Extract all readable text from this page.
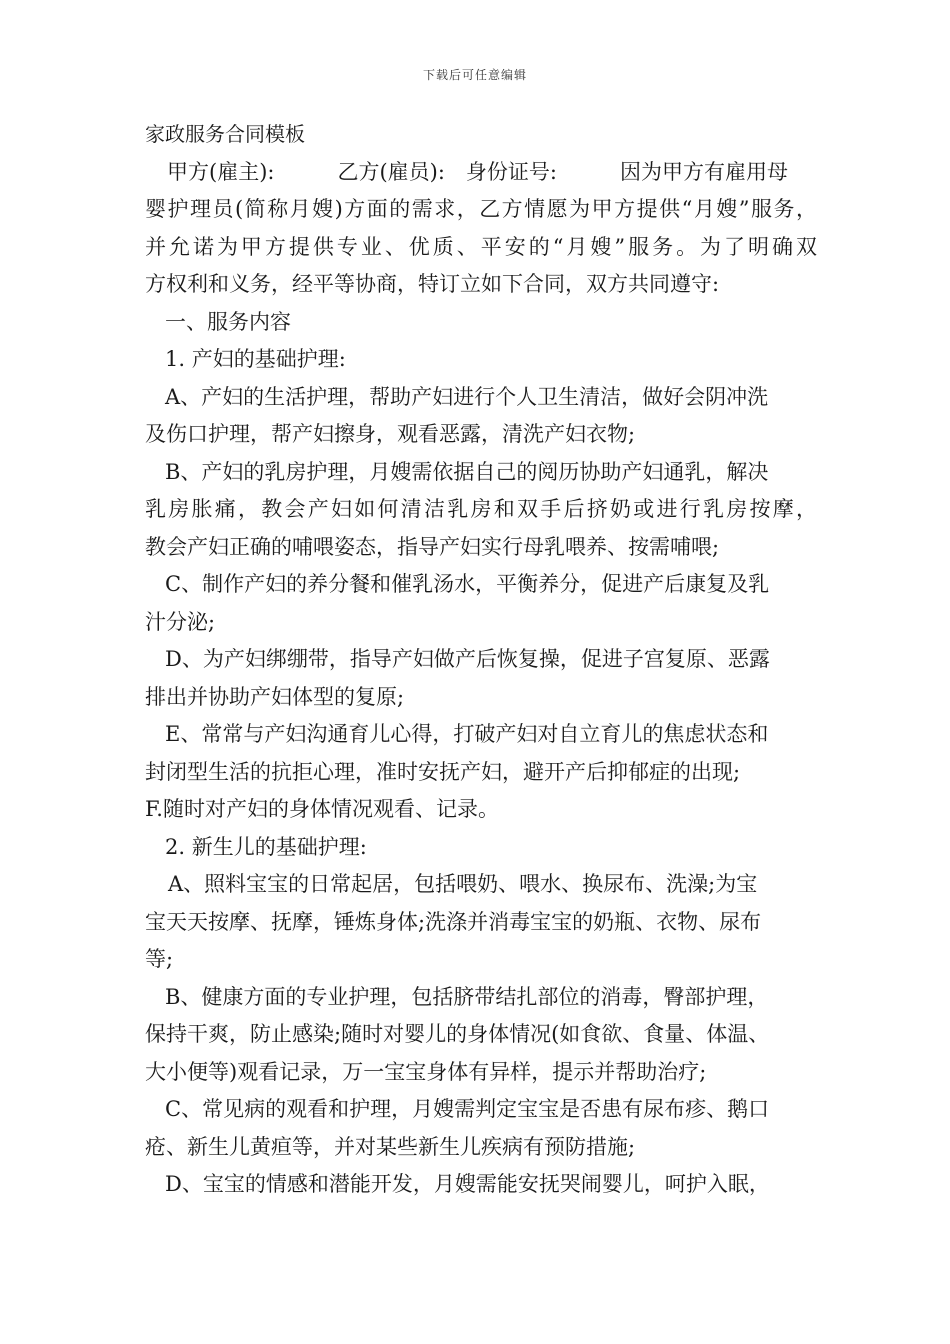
下载后可任意编辑
家政服务合同模板
甲方(雇主):　　　乙方(雇员):　身份证号:　　　因为甲方有雇用母
婴护理员(简称月嫂)方面的需求，乙方情愿为甲方提供“月嫂”服务，
并允诺为甲方提供专业、优质、平安的“月嫂”服务。为了明确双
方权利和义务，经平等协商，特订立如下合同，双方共同遵守:
一、服务内容
1. 产妇的基础护理:
A、产妇的生活护理，帮助产妇进行个人卫生清洁，做好会阴冲洗
及伤口护理，帮产妇擦身，观看恶露，清洗产妇衣物;
B、产妇的乳房护理，月嫂需依据自己的阅历协助产妇通乳，解决
乳房胀痛，教会产妇如何清洁乳房和双手后挤奶或进行乳房按摩，
教会产妇正确的哺喂姿态，指导产妇实行母乳喂养、按需哺喂;
C、制作产妇的养分餐和催乳汤水，平衡养分，促进产后康复及乳
汁分泌;
D、为产妇绑绷带，指导产妇做产后恢复操，促进子宫复原、恶露
排出并协助产妇体型的复原;
E、常常与产妇沟通育儿心得，打破产妇对自立育儿的焦虑状态和
封闭型生活的抗拒心理，准时安抚产妇，避开产后抑郁症的出现;
F.随时对产妇的身体情况观看、记录。
2. 新生儿的基础护理:
A、照料宝宝的日常起居，包括喂奶、喂水、换尿布、洗澡;为宝
宝天天按摩、抚摩，锤炼身体;洗涤并消毒宝宝的奶瓶、衣物、尿布
等;
B、健康方面的专业护理，包括脐带结扎部位的消毒，臀部护理，
保持干爽，防止感染;随时对婴儿的身体情况(如食欲、食量、体温、
大小便等)观看记录，万一宝宝身体有异样，提示并帮助治疗;
C、常见病的观看和护理，月嫂需判定宝宝是否患有尿布疹、鹅口
疮、新生儿黄疸等，并对某些新生儿疾病有预防措施;
D、宝宝的情感和潜能开发，月嫂需能安抚哭闹婴儿，呵护入眠，
